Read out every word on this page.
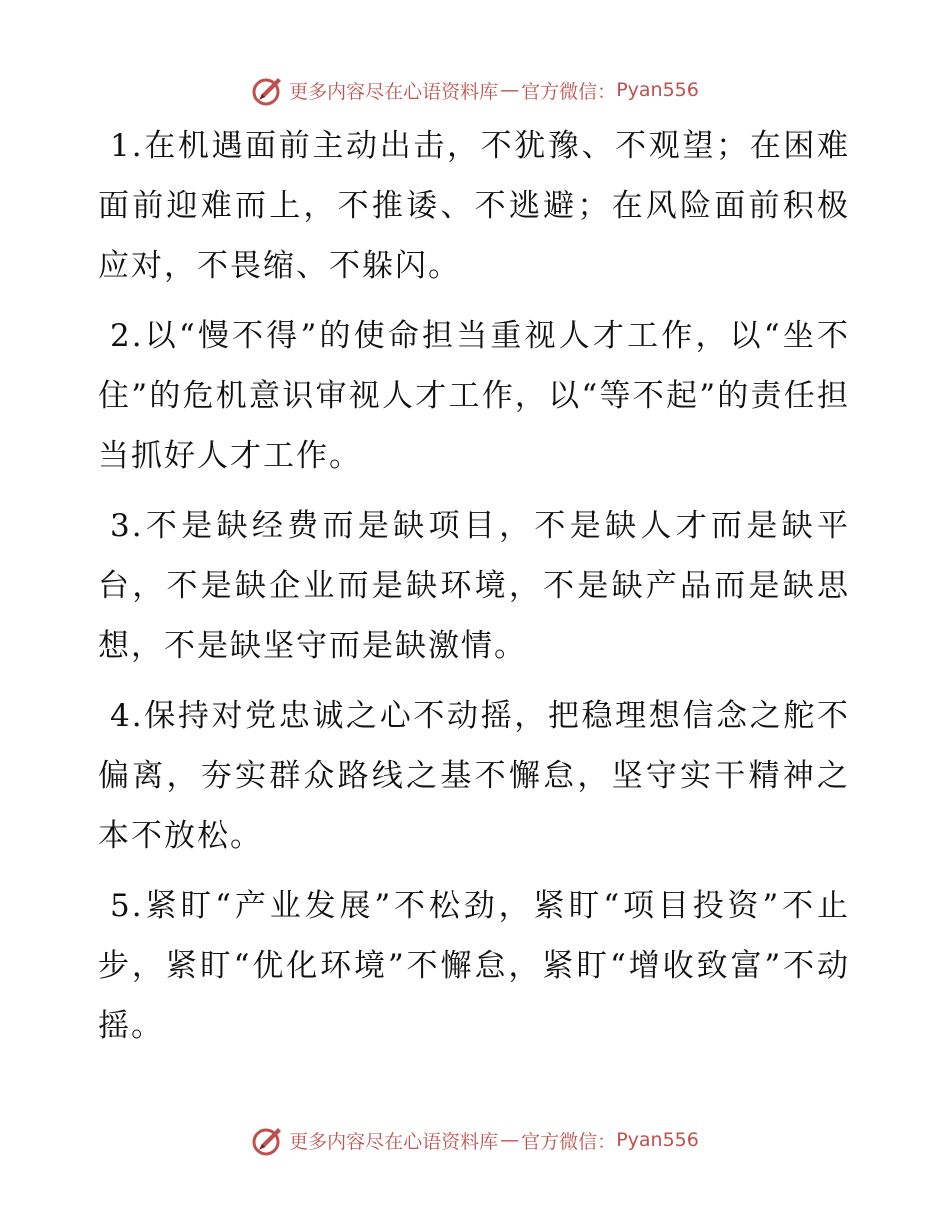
更多内容尽在心语资料库 — 官方微信： Pyan556

1.在机遇面前主动出击，不犹豫、不观望；在困难面前迎难而上，不推诿、不逃避；在风险面前积极应对，不畏缩、不躲闪。

2.以“慢不得”的使命担当重视人才工作，以“坐不住”的危机意识审视人才工作，以“等不起”的责任担当抓好人才工作。

3.不是缺经费而是缺项目，不是缺人才而是缺平台，不是缺企业而是缺环境，不是缺产品而是缺思想，不是缺坚守而是缺激情。

4.保持对党忠诚之心不动摇，把稳理想信念之舵不偏离，夯实群众路线之基不懈怠，坚守实干精神之本不放松。

5.紧盯“产业发展”不松劲，紧盯“项目投资”不止步，紧盯“优化环境”不懈怠，紧盯“增收致富”不动摇。

更多内容尽在心语资料库 — 官方微信： Pyan556
